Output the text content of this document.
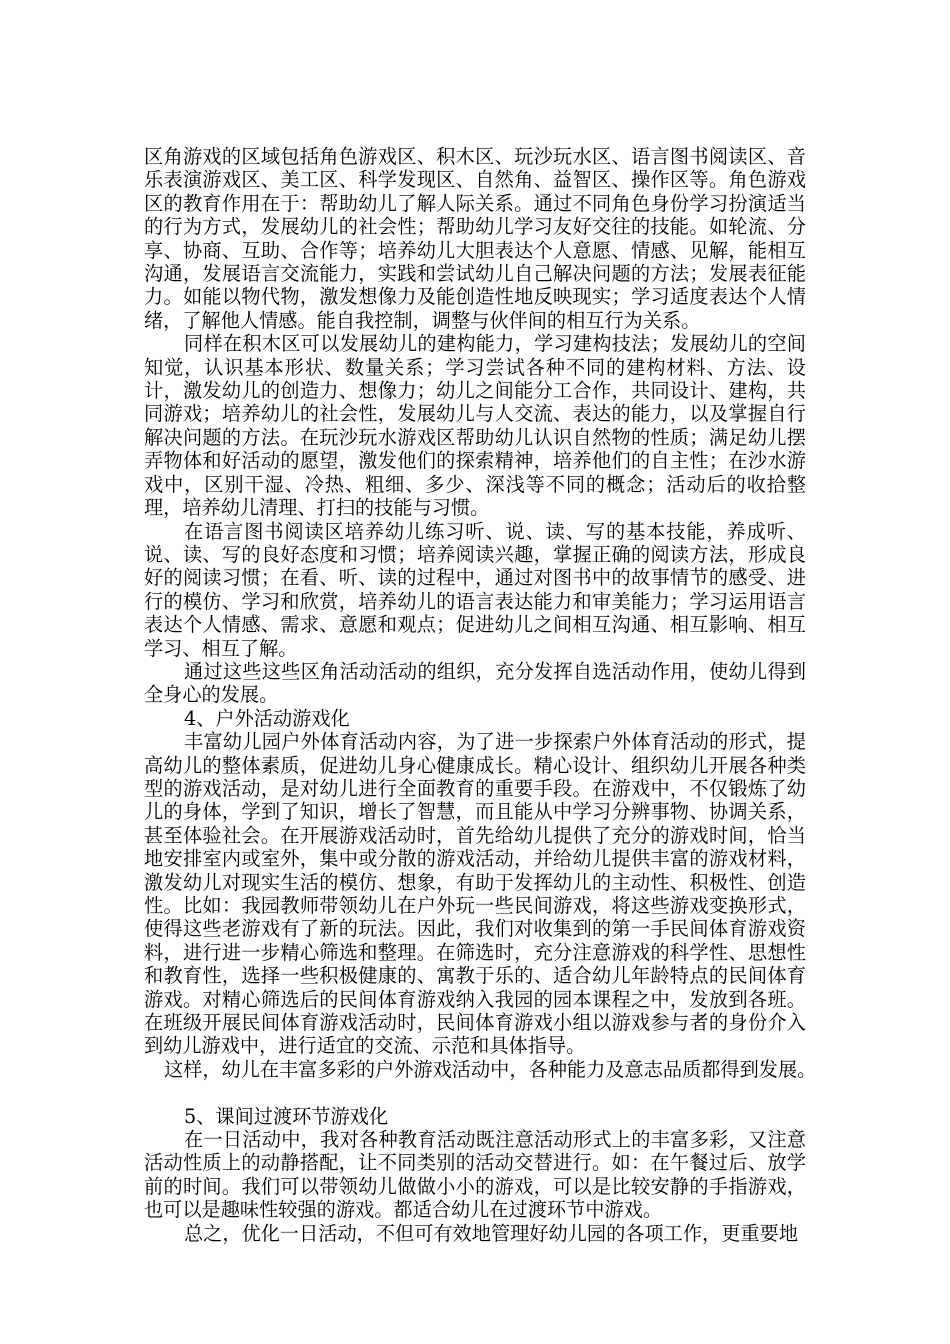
区角游戏的区域包括角色游戏区、积木区、玩沙玩水区、语言图书阅读区、音乐表演游戏区、美工区、科学发现区、自然角、益智区、操作区等。角色游戏区的教育作用在于：帮助幼儿了解人际关系。通过不同角色身份学习扮演适当的行为方式，发展幼儿的社会性；帮助幼儿学习友好交往的技能。如轮流、分享、协商、互助、合作等；培养幼儿大胆表达个人意愿、情感、见解，能相互沟通，发展语言交流能力，实践和尝试幼儿自己解决问题的方法；发展表征能力。如能以物代物，激发想像力及能创造性地反映现实；学习适度表达个人情绪，了解他人情感。能自我控制，调整与伙伴间的相互行为关系。

同样在积木区可以发展幼儿的建构能力，学习建构技法；发展幼儿的空间知觉，认识基本形状、数量关系；学习尝试各种不同的建构材料、方法、设计，激发幼儿的创造力、想像力；幼儿之间能分工合作，共同设计、建构，共同游戏；培养幼儿的社会性，发展幼儿与人交流、表达的能力，以及掌握自行解决问题的方法。在玩沙玩水游戏区帮助幼儿认识自然物的性质；满足幼儿摆弄物体和好活动的愿望，激发他们的探索精神，培养他们的自主性；在沙水游戏中，区别干湿、冷热、粗细、多少、深浅等不同的概念；活动后的收拾整理，培养幼儿清理、打扫的技能与习惯。

在语言图书阅读区培养幼儿练习听、说、读、写的基本技能，养成听、说、读、写的良好态度和习惯；培养阅读兴趣，掌握正确的阅读方法，形成良好的阅读习惯；在看、听、读的过程中，通过对图书中的故事情节的感受、进行的模仿、学习和欣赏，培养幼儿的语言表达能力和审美能力；学习运用语言表达个人情感、需求、意愿和观点；促进幼儿之间相互沟通、相互影响、相互学习、相互了解。

通过这些这些区角活动活动的组织，充分发挥自选活动作用，使幼儿得到全身心的发展。

4、户外活动游戏化

丰富幼儿园户外体育活动内容，为了进一步探索户外体育活动的形式，提高幼儿的整体素质，促进幼儿身心健康成长。精心设计、组织幼儿开展各种类型的游戏活动，是对幼儿进行全面教育的重要手段。在游戏中，不仅锻炼了幼儿的身体，学到了知识，增长了智慧，而且能从中学习分辨事物、协调关系，甚至体验社会。在开展游戏活动时，首先给幼儿提供了充分的游戏时间，恰当地安排室内或室外，集中或分散的游戏活动，并给幼儿提供丰富的游戏材料，激发幼儿对现实生活的模仿、想象，有助于发挥幼儿的主动性、积极性、创造性。比如：我园教师带领幼儿在户外玩一些民间游戏，将这些游戏变换形式，使得这些老游戏有了新的玩法。因此，我们对收集到的第一手民间体育游戏资料，进行进一步精心筛选和整理。在筛选时，充分注意游戏的科学性、思想性和教育性，选择一些积极健康的、寓教于乐的、适合幼儿年龄特点的民间体育游戏。对精心筛选后的民间体育游戏纳入我园的园本课程之中，发放到各班。在班级开展民间体育游戏活动时，民间体育游戏小组以游戏参与者的身份介入到幼儿游戏中，进行适宜的交流、示范和具体指导。

这样，幼儿在丰富多彩的户外游戏活动中，各种能力及意志品质都得到发展。

5、课间过渡环节游戏化

在一日活动中，我对各种教育活动既注意活动形式上的丰富多彩，又注意活动性质上的动静搭配，让不同类别的活动交替进行。如：在午餐过后、放学前的时间。我们可以带领幼儿做做小小的游戏，可以是比较安静的手指游戏，也可以是趣味性较强的游戏。都适合幼儿在过渡环节中游戏。

总之，优化一日活动，不但可有效地管理好幼儿园的各项工作，更重要地
